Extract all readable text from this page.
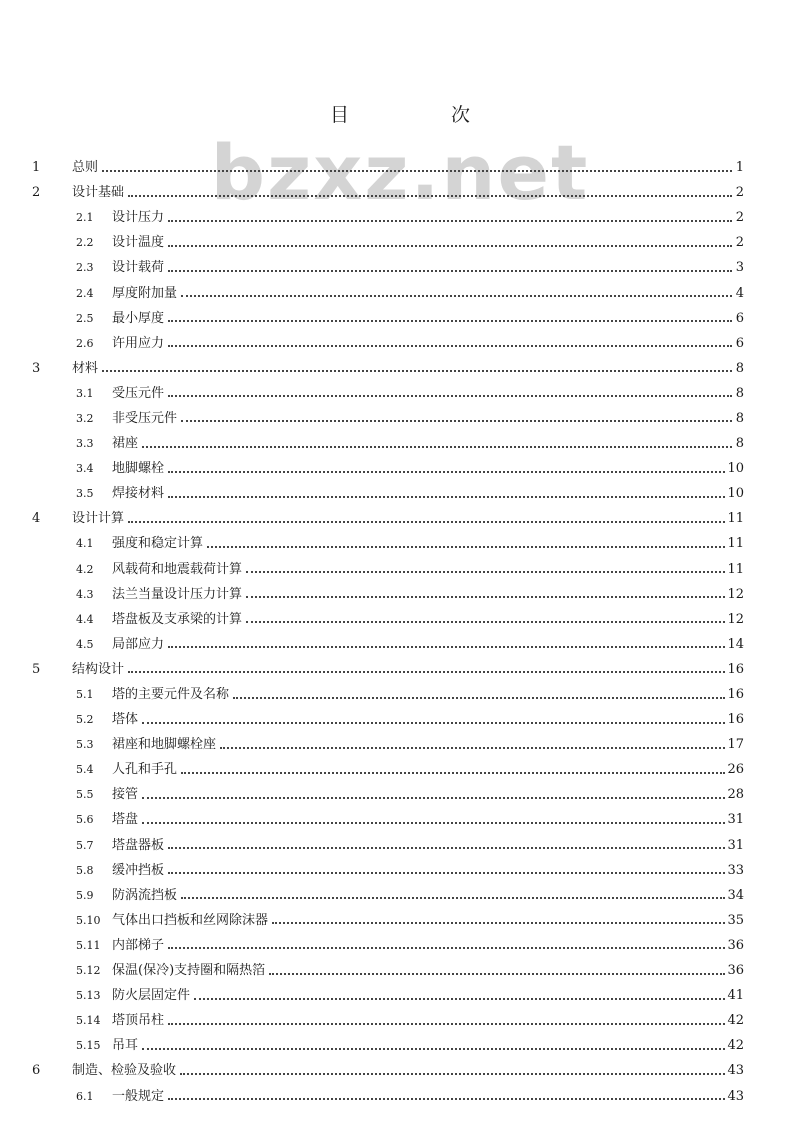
bzxz.net
目 次
1	总则	1
2	设计基础	2
2.1	设计压力	2
2.2	设计温度	2
2.3	设计载荷	3
2.4	厚度附加量	4
2.5	最小厚度	6
2.6	许用应力	6
3	材料	8
3.1	受压元件	8
3.2	非受压元件	8
3.3	裙座	8
3.4	地脚螺栓	10
3.5	焊接材料	10
4	设计计算	11
4.1	强度和稳定计算	11
4.2	风载荷和地震载荷计算	11
4.3	法兰当量设计压力计算	12
4.4	塔盘板及支承梁的计算	12
4.5	局部应力	14
5	结构设计	16
5.1	塔的主要元件及名称	16
5.2	塔体	16
5.3	裙座和地脚螺栓座	17
5.4	人孔和手孔	26
5.5	接管	28
5.6	塔盘	31
5.7	塔盘器板	31
5.8	缓冲挡板	33
5.9	防涡流挡板	34
5.10 气体出口挡板和丝网除沫器	35
5.11 内部梯子	36
5.12 保温(保冷)支持圈和隔热箔	36
5.13 防火层固定件	41
5.14 塔顶吊柱	42
5.15 吊耳	42
6	制造、检验及验收	43
6.1	一般规定	43
